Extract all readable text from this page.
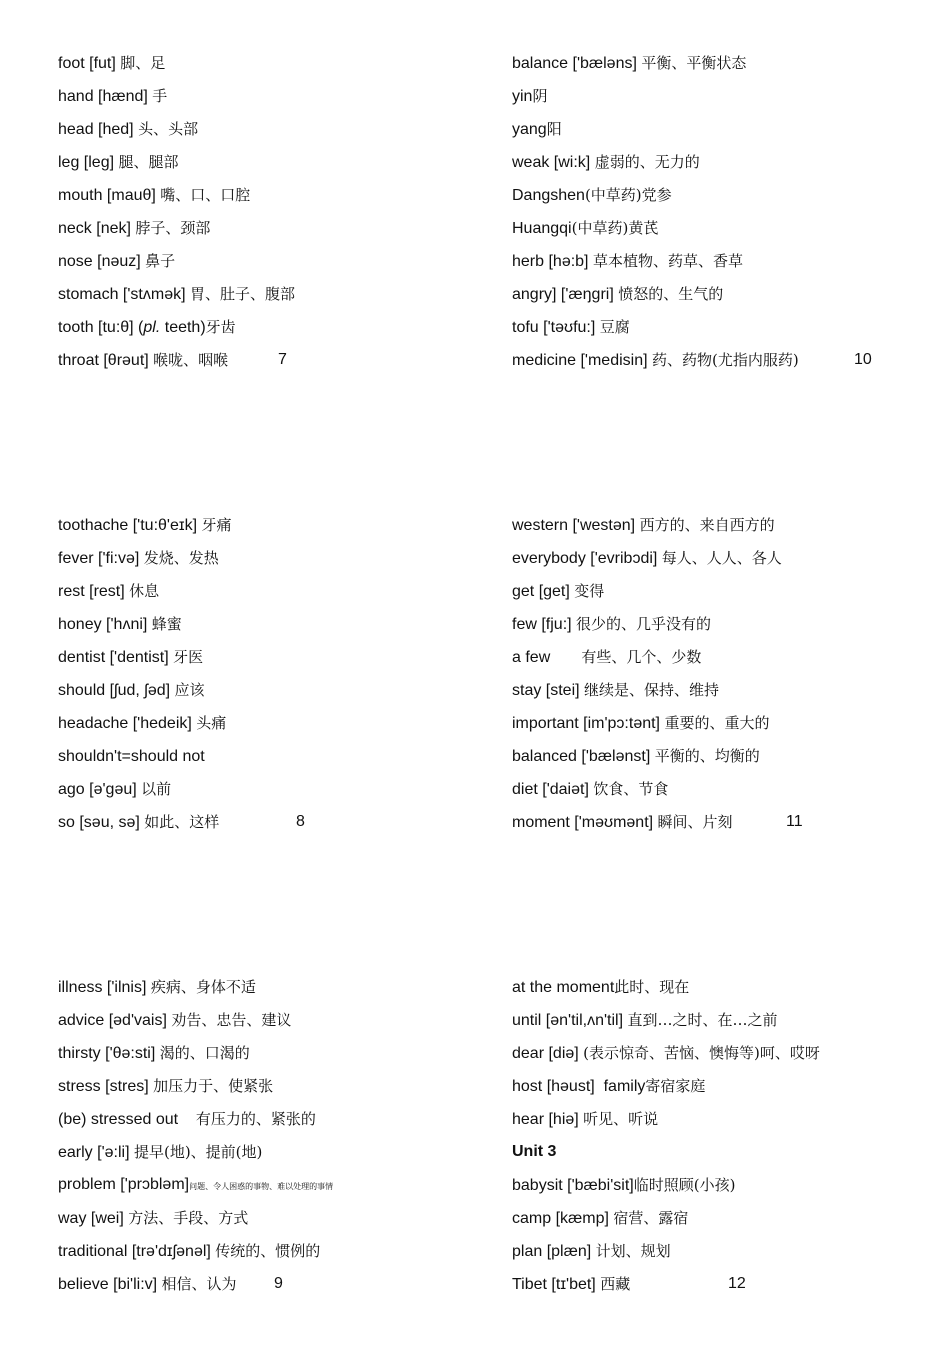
foot [fut] 脚、足
hand [hænd] 手
head [hed] 头、头部
leg [leɡ] 腿、腿部
mouth [mauθ] 嘴、口、口腔
neck [nek] 脖子、颈部
nose [nəuz] 鼻子
stomach ['stʌmək] 胃、肚子、腹部
tooth [tu:θ] (pl. teeth)牙齿
throat [θrəut] 喉咙、咽喉	7
balance ['bæləns] 平衡、平衡状态
yin阴
yang阳
weak [wi:k] 虚弱的、无力的
Dangshen(中草药)党参
Huangqi(中草药)黄芪
herb [hə:b] 草本植物、药草、香草
angry] ['æŋɡri] 愤怒的、生气的
tofu ['təʊfu:] 豆腐
medicine ['medisin] 药、药物(尤指内服药)	10
toothache ['tu:θ'eɪk] 牙痛
fever ['fi:və] 发烧、发热
rest [rest] 休息
honey ['hʌni] 蜂蜜
dentist ['dentist] 牙医
should [ʃud, ʃəd] 应该
headache ['hedeik] 头痛
shouldn't=should not
ago [ə'ɡəu] 以前
so [səu, sə] 如此、这样	8
western ['westən] 西方的、来自西方的
everybody ['evribɔdi] 每人、人人、各人
get [ɡet] 变得
few [fju:] 很少的、几乎没有的
a few       有些、几个、少数
stay [stei] 继续是、保持、维持
important [im'pɔ:tənt] 重要的、重大的
balanced ['bælənst] 平衡的、均衡的
diet ['daiət] 饮食、节食
moment ['məʊmənt] 瞬间、片刻	11
illness ['ilnis] 疾病、身体不适
advice [əd'vais] 劝告、忠告、建议
thirsty ['θə:sti] 渴的、口渴的
stress [stres] 加压力于、使紧张
(be) stressed out    有压力的、紧张的
early ['ə:li] 提早(地)、提前(地)
problem ['prɔbləm]问题、令人困惑的事物、难以处理的事情
way [wei] 方法、手段、方式
traditional [trə'dɪʃənəl] 传统的、惯例的
believe [bi'li:v] 相信、认为 9
at the moment此时、现在
until [ən'til,ʌn'til] 直到…之时、在…之前
dear [diə] (表示惊奇、苦恼、懊悔等)呵、哎呀
host [həust]  family寄宿家庭
hear [hiə] 听见、听说
Unit 3
babysit ['bæbi'sit]临时照顾(小孩)
camp [kæmp] 宿营、露宿
plan [plæn] 计划、规划
Tibet [tɪ'bet] 西藏	12
